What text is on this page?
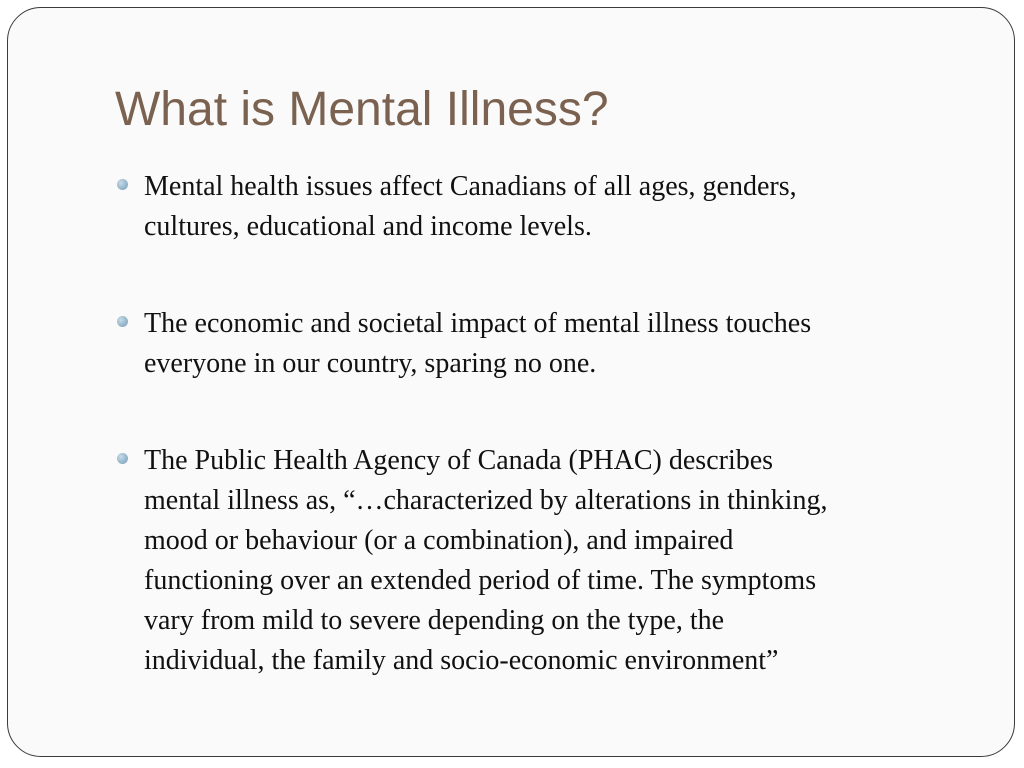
What is Mental Illness?
Mental health issues affect Canadians of all ages, genders,
cultures, educational and income levels.
The economic and societal impact of mental illness touches
everyone in our country, sparing no one.
The Public Health Agency of Canada (PHAC) describes
mental illness as, “…characterized by alterations in thinking,
mood or behaviour (or a combination), and impaired
functioning over an extended period of time. The symptoms
vary from mild to severe depending on the type, the
individual, the family and socio-economic environment”
